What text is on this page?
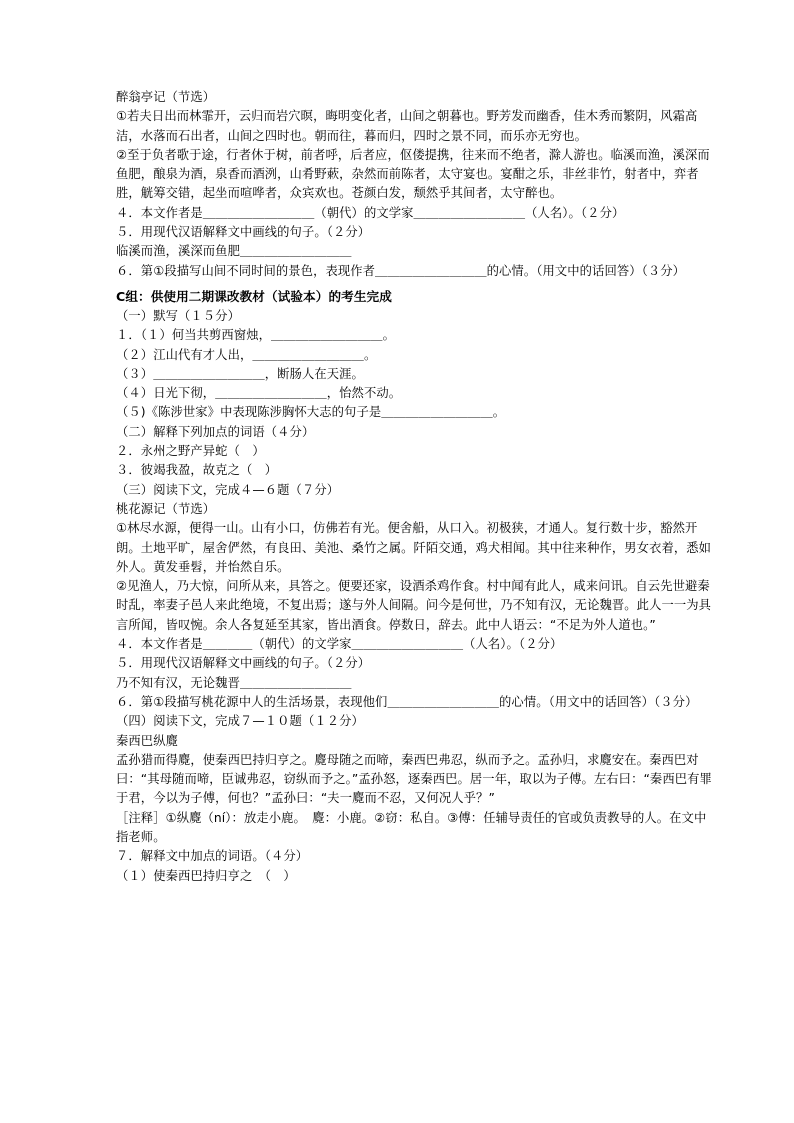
醉翁亭记（节选）
①若夫日出而林霏开，云归而岩穴暝，晦明变化者，山间之朝暮也。野芳发而幽香，佳木秀而繁阴，风霜高洁，水落而石出者，山间之四时也。朝而往，暮而归，四时之景不同，而乐亦无穷也。
②至于负者歌于途，行者休于树，前者呼，后者应，伛偻提携，往来而不绝者，滁人游也。临溪而渔，溪深而鱼肥，酿泉为酒，泉香而酒洌，山肴野蔌，杂然而前陈者，太守宴也。宴酣之乐，非丝非竹，射者中，弈者胜，觥筹交错，起坐而喧哗者，众宾欢也。苍颜白发，颓然乎其间者，太守醉也。
４．本文作者是＿＿＿＿＿＿＿＿＿（朝代）的文学家＿＿＿＿＿＿＿＿＿（人名）。（２分）
５．用现代汉语解释文中画线的句子。（２分）
临溪而渔，溪深而鱼肥＿＿＿＿＿＿＿＿＿
６．第①段描写山间不同时间的景色，表现作者＿＿＿＿＿＿＿＿＿的心情。（用文中的话回答）（３分）
C组：供使用二期课改教材（试验本）的考生完成
（一）默写（１５分）
１．（１）何当共剪西窗烛，＿＿＿＿＿＿＿＿＿。
（２）江山代有才人出，＿＿＿＿＿＿＿＿＿。
（３）＿＿＿＿＿＿＿＿＿，断肠人在天涯。
（４）日光下彻，＿＿＿＿＿＿＿＿＿，怡然不动。
（５)《陈涉世家》中表现陈涉胸怀大志的句子是＿＿＿＿＿＿＿＿＿。
（二）解释下列加点的词语（４分）
２．永州之野产异蛇（　）
３．彼竭我盈，故克之（　）
（三）阅读下文，完成４—６题（７分）
桃花源记（节选）
①林尽水源，便得一山。山有小口，仿佛若有光。便舍船，从口入。初极狭，才通人。复行数十步，豁然开朗。土地平旷，屋舍俨然，有良田、美池、桑竹之属。阡陌交通，鸡犬相闻。其中往来种作，男女衣着，悉如外人。黄发垂髫，并怡然自乐。
②见渔人，乃大惊，问所从来，具答之。便要还家，设酒杀鸡作食。村中闻有此人，咸来问讯。自云先世避秦时乱，率妻子邑人来此绝境，不复出焉；遂与外人间隔。问今是何世，乃不知有汉，无论魏晋。此人一一为具言所闻，皆叹惋。余人各复延至其家，皆出酒食。停数日，辞去。此中人语云：“不足为外人道也。”
４．本文作者是＿＿＿＿（朝代）的文学家＿＿＿＿＿＿＿＿＿（人名）。（２分）
５．用现代汉语解释文中画线的句子。（２分）
乃不知有汉，无论魏晋＿＿＿＿＿＿＿＿＿
６．第①段描写桃花源中人的生活场景，表现他们＿＿＿＿＿＿＿＿＿的心情。（用文中的话回答）（３分）
（四）阅读下文，完成７—１０题（１２分）
秦西巴纵麑
孟孙猎而得麑，使秦西巴持归亨之。麑母随之而啼，秦西巴弗忍，纵而予之。孟孙归，求麑安在。秦西巴对曰：“其母随而啼，臣诚弗忍，窃纵而予之。”孟孙怒，逐秦西巴。居一年，取以为子傅。左右曰：“秦西巴有罪于君，今以为子傅，何也？”孟孙曰：“夫一麑而不忍，又何况人乎？”
［注释］①纵麑（ní）：放走小鹿。　麑：小鹿。②窃：私自。③傅：任辅导责任的官或负责教导的人。在文中指老师。
７．解释文中加点的词语。（４分）
（１）使秦西巴持归亨之　（　）
